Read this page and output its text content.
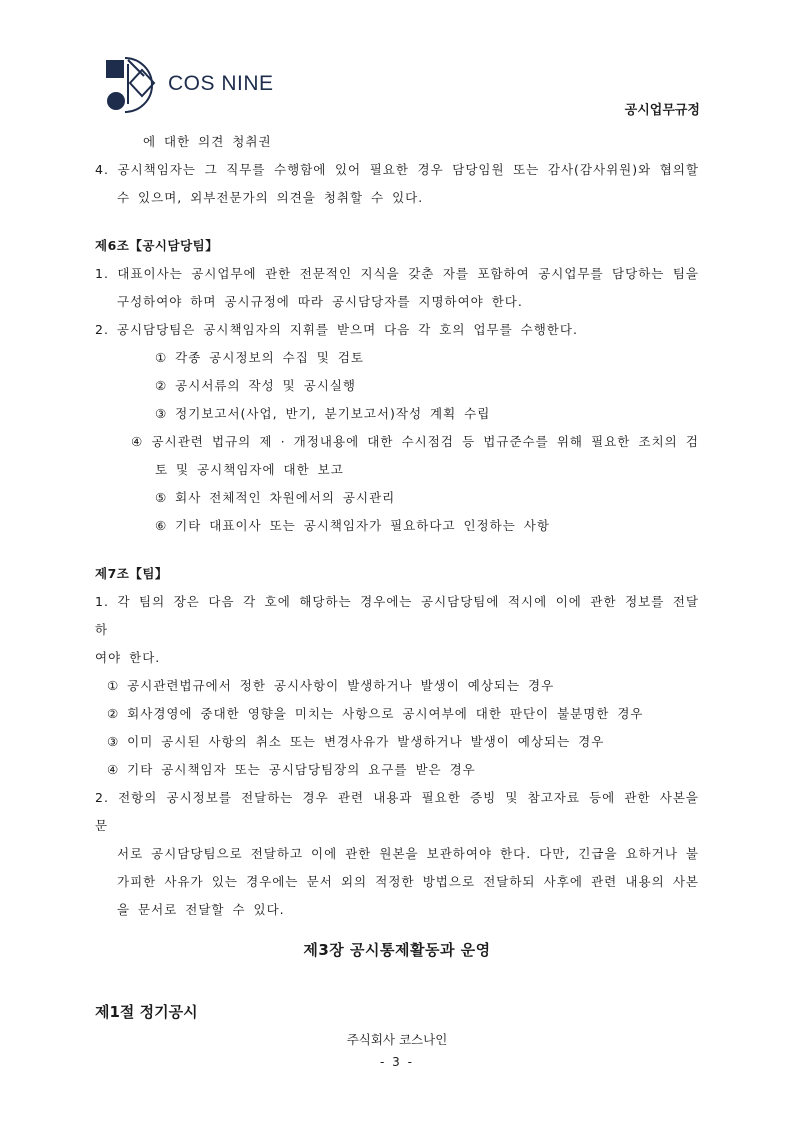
COS NINE
공시업무규정
에 대한 의견 청취권
4. 공시책임자는 그 직무를 수행함에 있어 필요한 경우 담당임원 또는 감사(감사위원)와 협의할
수 있으며, 외부전문가의 의견을 청취할 수 있다.
제6조【공시담당팀】
1. 대표이사는 공시업무에 관한 전문적인 지식을 갖춘 자를 포함하여 공시업무를 담당하는 팀을
구성하여야 하며 공시규정에 따라 공시담당자를 지명하여야 한다.
2. 공시담당팀은 공시책임자의 지휘를 받으며 다음 각 호의 업무를 수행한다.
① 각종 공시정보의 수집 및 검토
② 공시서류의 작성 및 공시실행
③ 정기보고서(사업, 반기, 분기보고서)작성 계획 수립
④ 공시관련 법규의 제 · 개정내용에 대한 수시점검 등 법규준수를 위해 필요한 조치의 검
토 및 공시책임자에 대한 보고
⑤ 회사 전체적인 차원에서의 공시관리
⑥ 기타 대표이사 또는 공시책임자가 필요하다고 인정하는 사항
제7조【팀】
1. 각 팀의 장은 다음 각 호에 해당하는 경우에는 공시담당팀에 적시에 이에 관한 정보를 전달하
여야 한다.
① 공시관련법규에서 정한 공시사항이 발생하거나 발생이 예상되는 경우
② 회사경영에 중대한 영향을 미치는 사항으로 공시여부에 대한 판단이 불분명한 경우
③ 이미 공시된 사항의 취소 또는 변경사유가 발생하거나 발생이 예상되는 경우
④ 기타 공시책임자 또는 공시담당팀장의 요구를 받은 경우
2. 전항의 공시정보를 전달하는 경우 관련 내용과 필요한 증빙 및 참고자료 등에 관한 사본을 문
서로 공시담당팀으로 전달하고 이에 관한 원본을 보관하여야 한다. 다만, 긴급을 요하거나 불
가피한 사유가 있는 경우에는 문서 외의 적정한 방법으로 전달하되 사후에 관련 내용의 사본
을 문서로 전달할 수 있다.
제3장 공시통제활동과 운영
제1절 정기공시
주식회사 코스나인
- 3 -
